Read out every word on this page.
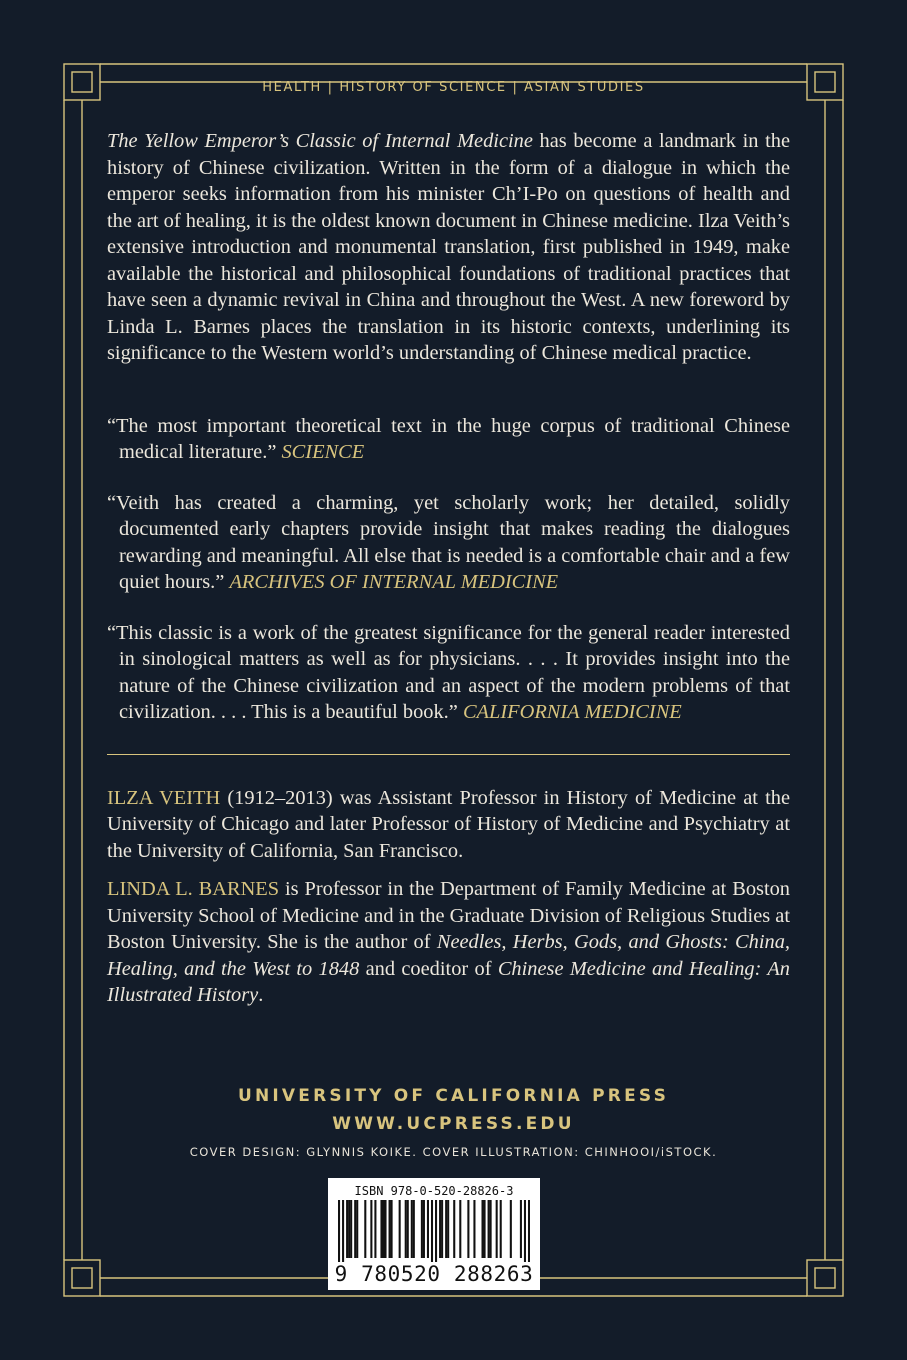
HEALTH | HISTORY OF SCIENCE | ASIAN STUDIES

The Yellow Emperor’s Classic of Internal Medicine has become a landmark in the history of Chinese civilization. Written in the form of a dialogue in which the emperor seeks information from his minister Ch’I-Po on questions of health and the art of healing, it is the oldest known document in Chinese medicine. Ilza Veith’s extensive introduction and monumental translation, first published in 1949, make available the historical and philosophical foundations of traditional practices that have seen a dynamic revival in China and throughout the West. A new foreword by Linda L. Barnes places the translation in its historic contexts, underlining its significance to the Western world’s understanding of Chinese medical practice.

“The most important theoretical text in the huge corpus of traditional Chinese medical literature.” SCIENCE

“Veith has created a charming, yet scholarly work; her detailed, solidly documented early chapters provide insight that makes reading the dialogues rewarding and meaningful. All else that is needed is a comfortable chair and a few quiet hours.” ARCHIVES OF INTERNAL MEDICINE

“This classic is a work of the greatest significance for the general reader interested in sinological matters as well as for physicians. . . . It provides insight into the nature of the Chinese civilization and an aspect of the modern problems of that civilization. . . . This is a beautiful book.” CALIFORNIA MEDICINE

ILZA VEITH (1912–2013) was Assistant Professor in History of Medicine at the University of Chicago and later Professor of History of Medicine and Psychiatry at the University of California, San Francisco.

LINDA L. BARNES is Professor in the Department of Family Medicine at Boston University School of Medicine and in the Graduate Division of Religious Studies at Boston University. She is the author of Needles, Herbs, Gods, and Ghosts: China, Healing, and the West to 1848 and coeditor of Chinese Medicine and Healing: An Illustrated History.

UNIVERSITY OF CALIFORNIA PRESS
WWW.UCPRESS.EDU
COVER DESIGN: GLYNNIS KOIKE. COVER ILLUSTRATION: CHINHOOI/iSTOCK.
ISBN 978-0-520-28826-3
9 780520 288263
